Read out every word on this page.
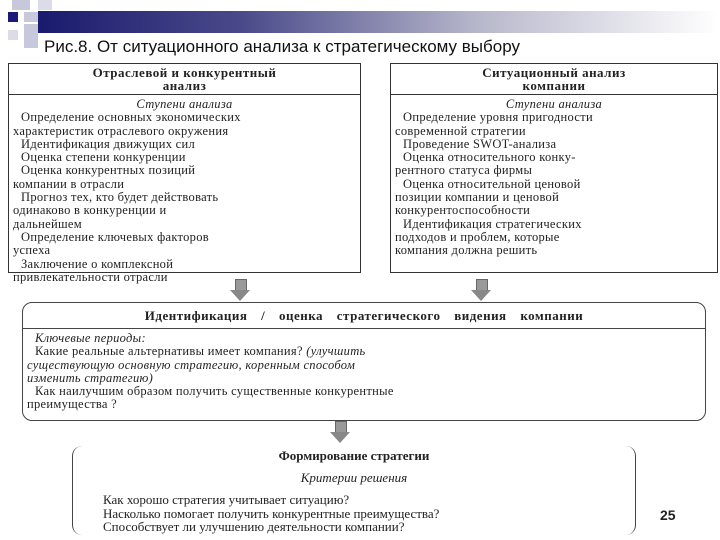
Рис.8. От ситуационного анализа к стратегическому выбору
Отраслевой и конкурентный
анализ
Ступени анализа
Определение основных экономических
характеристик отраслевого окружения
Идентификация движущих сил
Оценка степени конкуренции
Оценка конкурентных позиций
компании в отрасли
Прогноз тех, кто будет действовать
одинаково в конкуренции и
дальнейшем
Определение ключевых факторов
успеха
Заключение о комплексной
привлекательности отрасли
Ситуационный анализ
компании
Ступени анализа
Определение уровня пригодности
современной стратегии
Проведение SWOT-анализа
Оценка относительного конку-
рентного статуса фирмы
Оценка относительной ценовой
позиции компании и ценовой
конкурентоспособности
Идентификация стратегических
подходов и проблем, которые
компания должна решить
Идентификация / оценка стратегического видения компании
Ключевые периоды:
Какие реальные альтернативы имеет компания? (улучшить
существующую основную стратегию, коренным способом
изменить стратегию)
Как наилучшим образом получить существенные конкурентные
преимущества ?
Формирование стратегии
Критерии решения
Как хорошо стратегия учитывает ситуацию?
Насколько помогает получить конкурентные преимущества?
Способствует ли улучшению деятельности компании?
25
